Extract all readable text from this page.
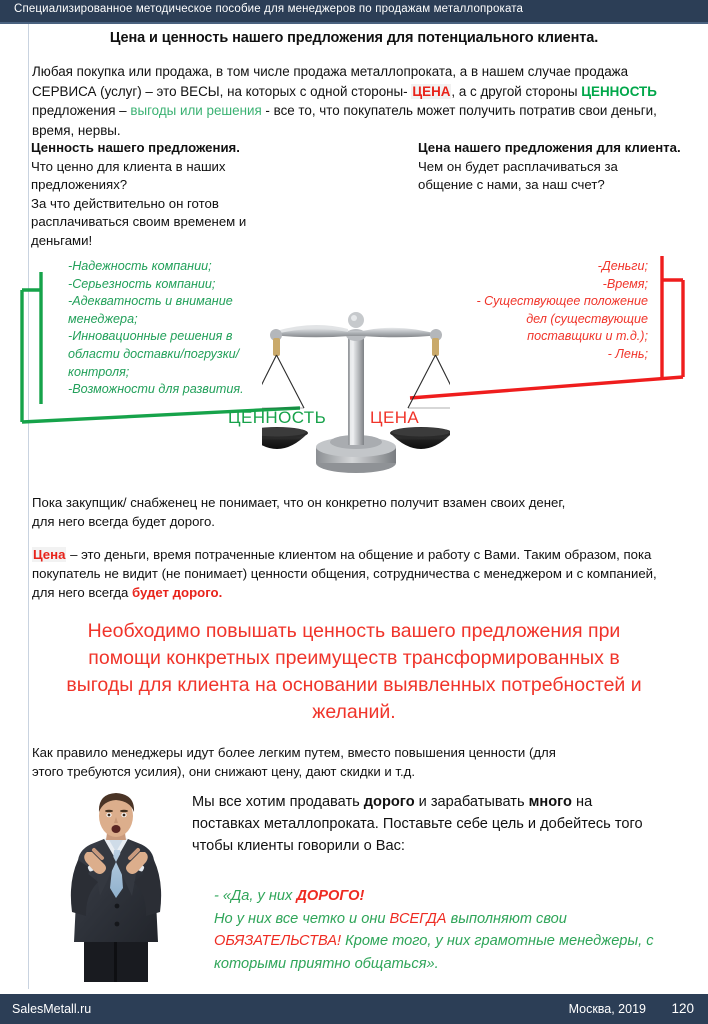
Специализированное методическое пособие для менеджеров по продажам металлопроката
Цена и ценность нашего предложения для потенциального клиента.
Любая покупка или продажа, в том числе продажа металлопроката, а в нашем случае продажа СЕРВИСА (услуг) – это ВЕСЫ, на которых с одной стороны- ЦЕНА, а с другой стороны ЦЕННОСТЬ предложения – выгоды или решения - все то, что покупатель может получить потратив свои деньги, время, нервы.
Ценность нашего предложения.
Что ценно для клиента в наших
предложениях?
За что действительно он готов
расплачиваться своим временем и
деньгами!
Цена нашего предложения для клиента.
Чем он будет расплачиваться за
общение с нами, за наш счет?
-Надежность компании;
-Серьезность компании;
-Адекватность и внимание
менеджера;
-Инновационные решения в
области доставки/погрузки/
контроля;
-Возможности для развития.
-Деньги;
-Время;
- Существующее положение
дел (существующие
поставщики и т.д.);
- Лень;
ЦЕННОСТЬ	ЦЕНА
Пока закупщик/ снабженец не понимает, что он конкретно получит взамен своих денег,
для него всегда будет дорого.
Цена – это деньги, время потраченные клиентом на общение и работу с Вами. Таким образом, пока покупатель не видит (не понимает) ценности общения, сотрудничества с менеджером и с компанией, для него всегда будет дорого.
Необходимо повышать ценность вашего предложения при
помощи конкретных преимуществ трансформированных в
выгоды для клиента на основании выявленных потребностей и
желаний.
Как правило менеджеры идут более легким путем, вместо повышения ценности (для
этого требуются усилия), они снижают цену, дают скидки и т.д.
Мы все хотим продавать дорого и зарабатывать много на поставках металлопроката. Поставьте себе цель и добейтесь того чтобы клиенты говорили о Вас:
- «Да, у них ДОРОГО!
Но у них все четко и они ВСЕГДА выполняют свои ОБЯЗАТЕЛЬСТВА! Кроме того, у них грамотные менеджеры, с которыми приятно общаться».
SalesMetall.ru	Москва, 2019 120
